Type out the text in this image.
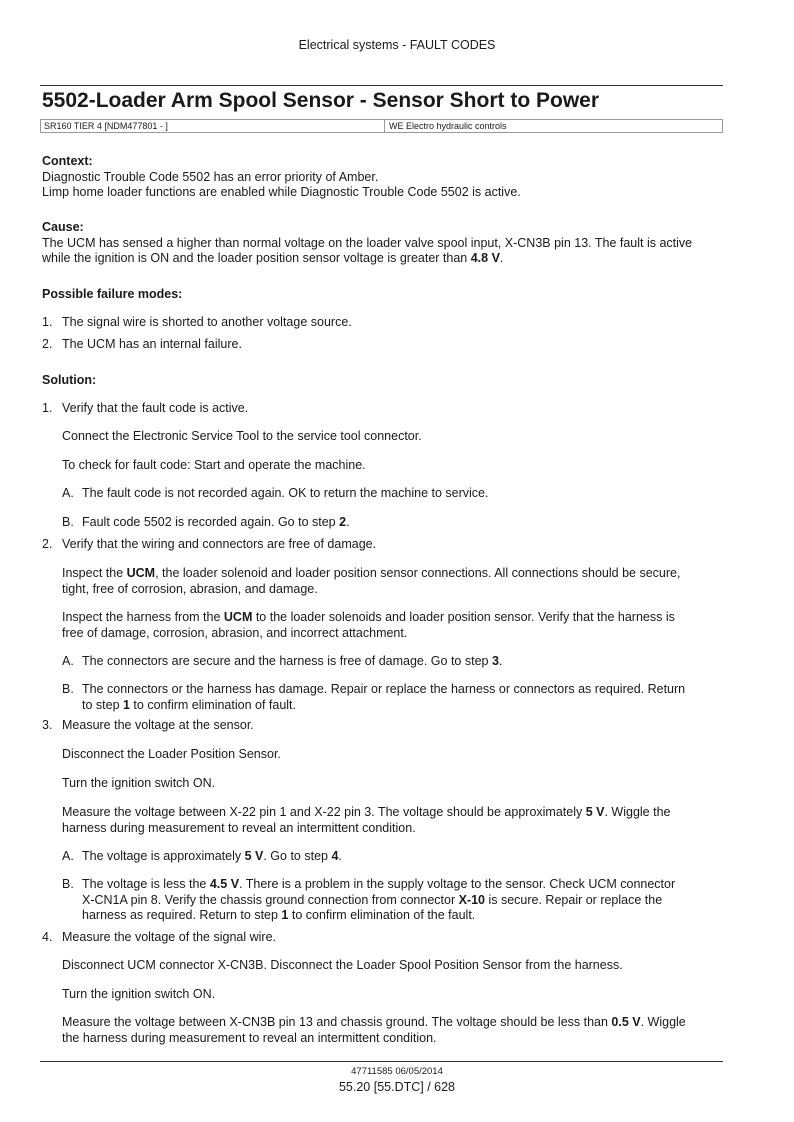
Electrical systems - FAULT CODES
5502-Loader Arm Spool Sensor - Sensor Short to Power
SR160 TIER 4 [NDM477801 - ]	WE Electro hydraulic controls

Context:

Diagnostic Trouble Code 5502 has an error priority of Amber.

Limp home loader functions are enabled while Diagnostic Trouble Code 5502 is active.

Cause:

The UCM has sensed a higher than normal voltage on the loader valve spool input, X-CN3B pin 13. The fault is active

while the ignition is ON and the loader position sensor voltage is greater than 4.8 V.

Possible failure modes:

1. The signal wire is shorted to another voltage source.
2. The UCM has an internal failure.

Solution:

1. Verify that the fault code is active.
Connect the Electronic Service Tool to the service tool connector.
To check for fault code: Start and operate the machine.
A. The fault code is not recorded again. OK to return the machine to service.
B. Fault code 5502 is recorded again. Go to step 2.
2. Verify that the wiring and connectors are free of damage.
Inspect the UCM, the loader solenoid and loader position sensor connections. All connections should be secure,
tight, free of corrosion, abrasion, and damage.
Inspect the harness from the UCM to the loader solenoids and loader position sensor. Verify that the harness is
free of damage, corrosion, abrasion, and incorrect attachment.
A. The connectors are secure and the harness is free of damage. Go to step 3.
B. The connectors or the harness has damage. Repair or replace the harness or connectors as required. Return
to step 1 to confirm elimination of fault.
3. Measure the voltage at the sensor.
Disconnect the Loader Position Sensor.
Turn the ignition switch ON.
Measure the voltage between X-22 pin 1 and X-22 pin 3. The voltage should be approximately 5 V. Wiggle the
harness during measurement to reveal an intermittent condition.
A. The voltage is approximately 5 V. Go to step 4.
B. The voltage is less the 4.5 V. There is a problem in the supply voltage to the sensor. Check UCM connector
X-CN1A pin 8. Verify the chassis ground connection from connector X-10 is secure. Repair or replace the
harness as required. Return to step 1 to confirm elimination of the fault.
4. Measure the voltage of the signal wire.
Disconnect UCM connector X-CN3B. Disconnect the Loader Spool Position Sensor from the harness.
Turn the ignition switch ON.
Measure the voltage between X-CN3B pin 13 and chassis ground. The voltage should be less than 0.5 V. Wiggle
the harness during measurement to reveal an intermittent condition.
47711585 06/05/2014
55.20 [55.DTC] / 628
